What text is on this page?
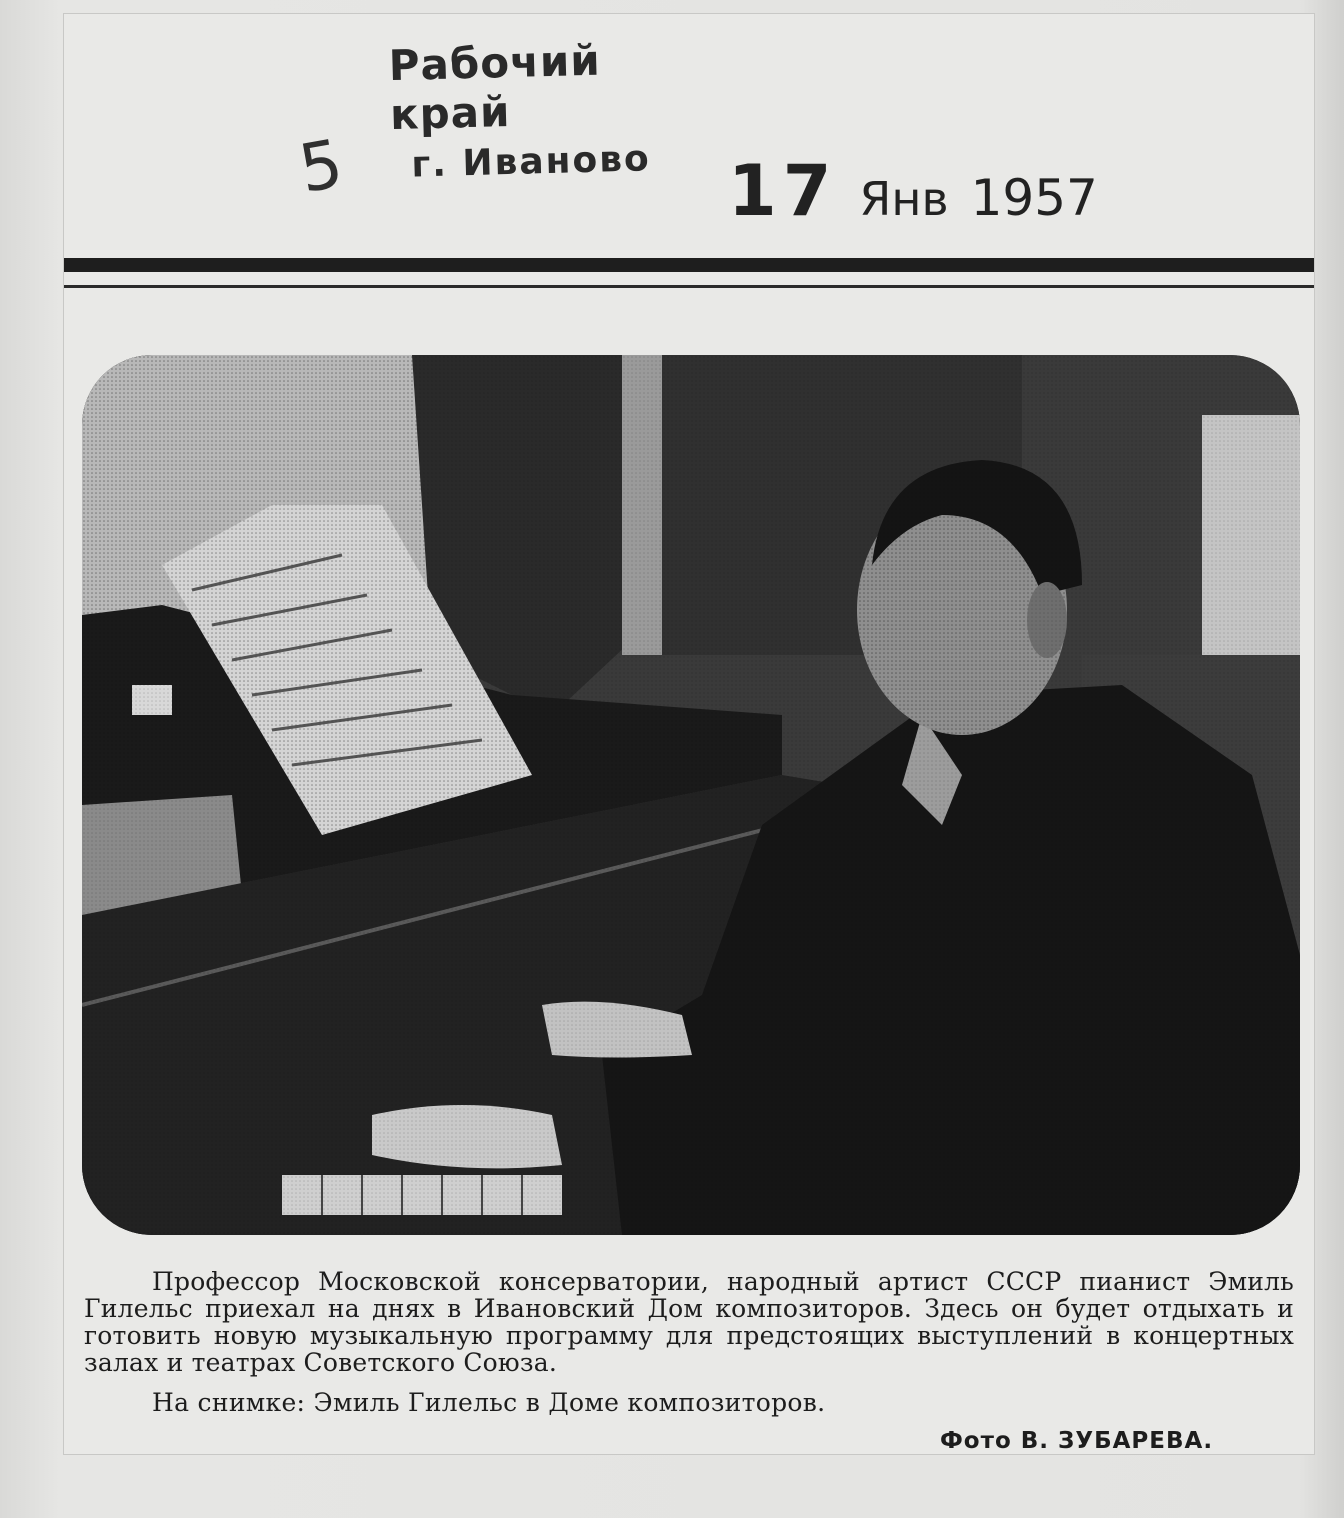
Рабочий край
г. Иваново
5	17 Янв 1957
Профессор Московской консерватории, народный артист СССР пианист Эмиль Гилельс приехал на днях в Ивановский Дом композиторов. Здесь он будет отдыхать и готовить новую музыкальную программу для предстоящих выступлений в концертных залах и театрах Советского Союза.
На снимке: Эмиль Гилельс в Доме композиторов.
Фото В. ЗУБАРЕВА.
